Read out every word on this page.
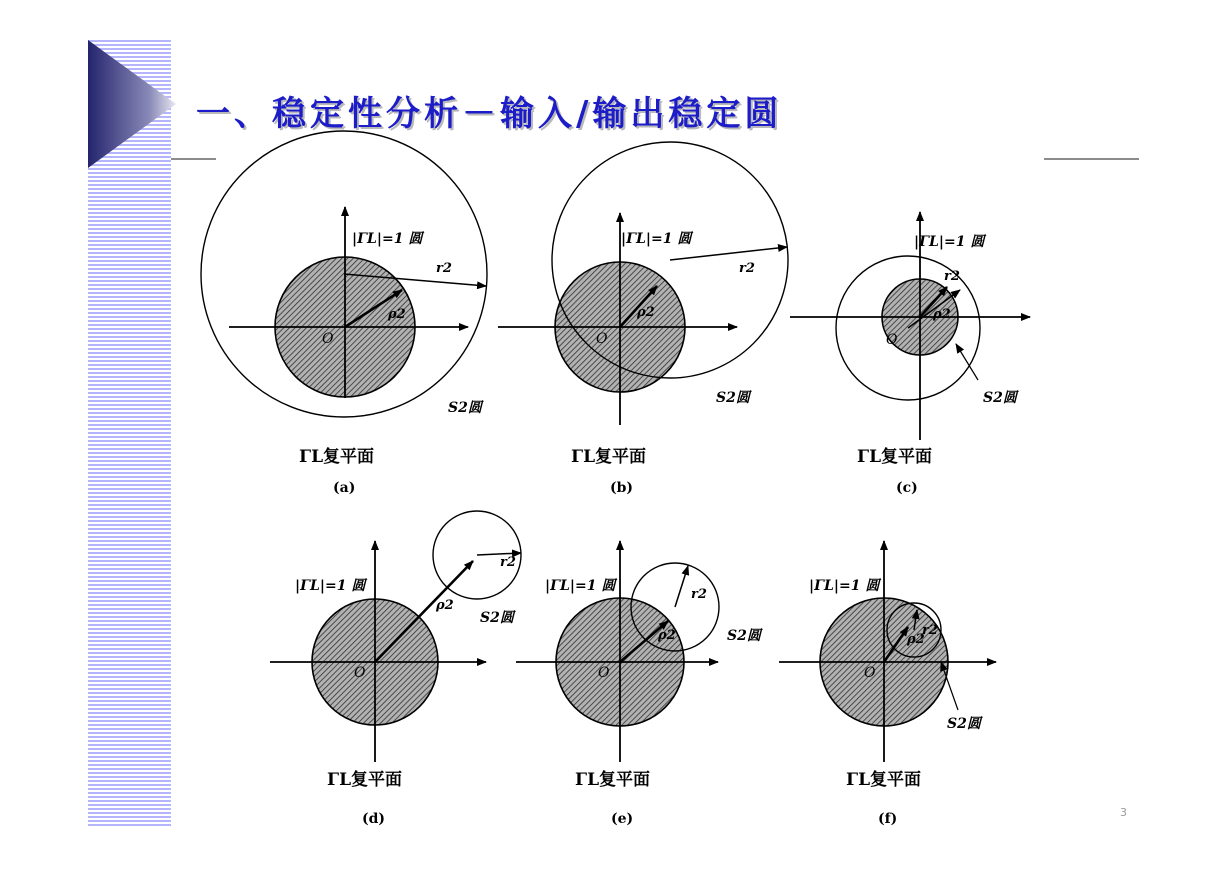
一、稳定性分析－输入/输出稳定圆
3
|ΓL|=1 圆
S2圆
r2
ρ2
O
ΓL复平面
(a)
|ΓL|=1 圆
S2圆
r2
ρ2
O
ΓL复平面
(b)
|ΓL|=1 圆
S2圆
r2
ρ2
O
ΓL复平面
(c)
|ΓL|=1 圆
S2圆
r2
ρ2
O
ΓL复平面
(d)
|ΓL|=1 圆
S2圆
r2
ρ2
O
ΓL复平面
(e)
|ΓL|=1 圆
S2圆
r2
ρ2
O
ΓL复平面
(f)
